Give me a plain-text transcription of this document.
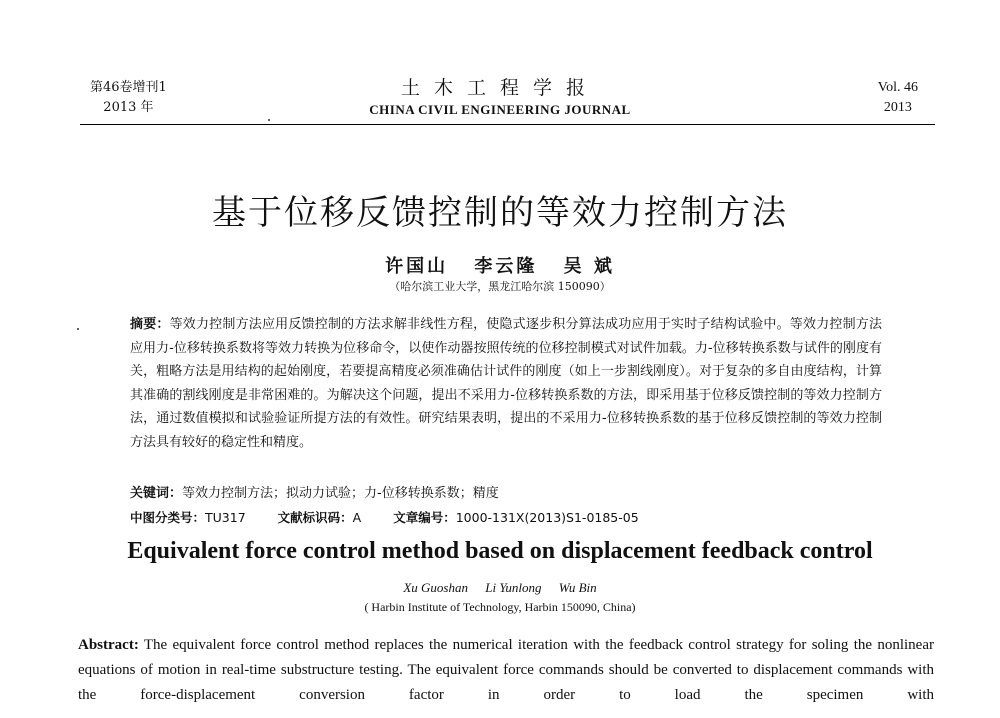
第46卷增刊1
2013 年
土木工程学报
CHINA CIVIL ENGINEERING JOURNAL
Vol. 46
2013
基于位移反馈控制的等效力控制方法
许国山 李云隆 吴 斌
（哈尔滨工业大学，黑龙江哈尔滨 150090）
摘要：等效力控制方法应用反馈控制的方法求解非线性方程，使隐式逐步积分算法成功应用于实时子结构试验中。等效力控制方法应用力-位移转换系数将等效力转换为位移命令，以使作动器按照传统的位移控制模式对试件加载。力-位移转换系数与试件的刚度有关，粗略方法是用结构的起始刚度，若要提高精度必须准确估计试件的刚度（如上一步割线刚度）。对于复杂的多自由度结构，计算其准确的割线刚度是非常困难的。为解决这个问题，提出不采用力-位移转换系数的方法，即采用基于位移反馈控制的等效力控制方法，通过数值模拟和试验验证所提方法的有效性。研究结果表明，提出的不采用力-位移转换系数的基于位移反馈控制的等效力控制方法具有较好的稳定性和精度。
关键词：等效力控制方法；拟动力试验；力-位移转换系数；精度
中图分类号：TU317	文献标识码：A	文章编号：1000-131X(2013)S1-0185-05
Equivalent force control method based on displacement feedback control
Xu Guoshan Li Yunlong Wu Bin
( Harbin Institute of Technology, Harbin 150090, China)
Abstract: The equivalent force control method replaces the numerical iteration with the feedback control strategy for soling the nonlinear equations of motion in real-time substructure testing. The equivalent force commands should be converted to displacement commands with the force-displacement conversion factor in order to load the specimen with
